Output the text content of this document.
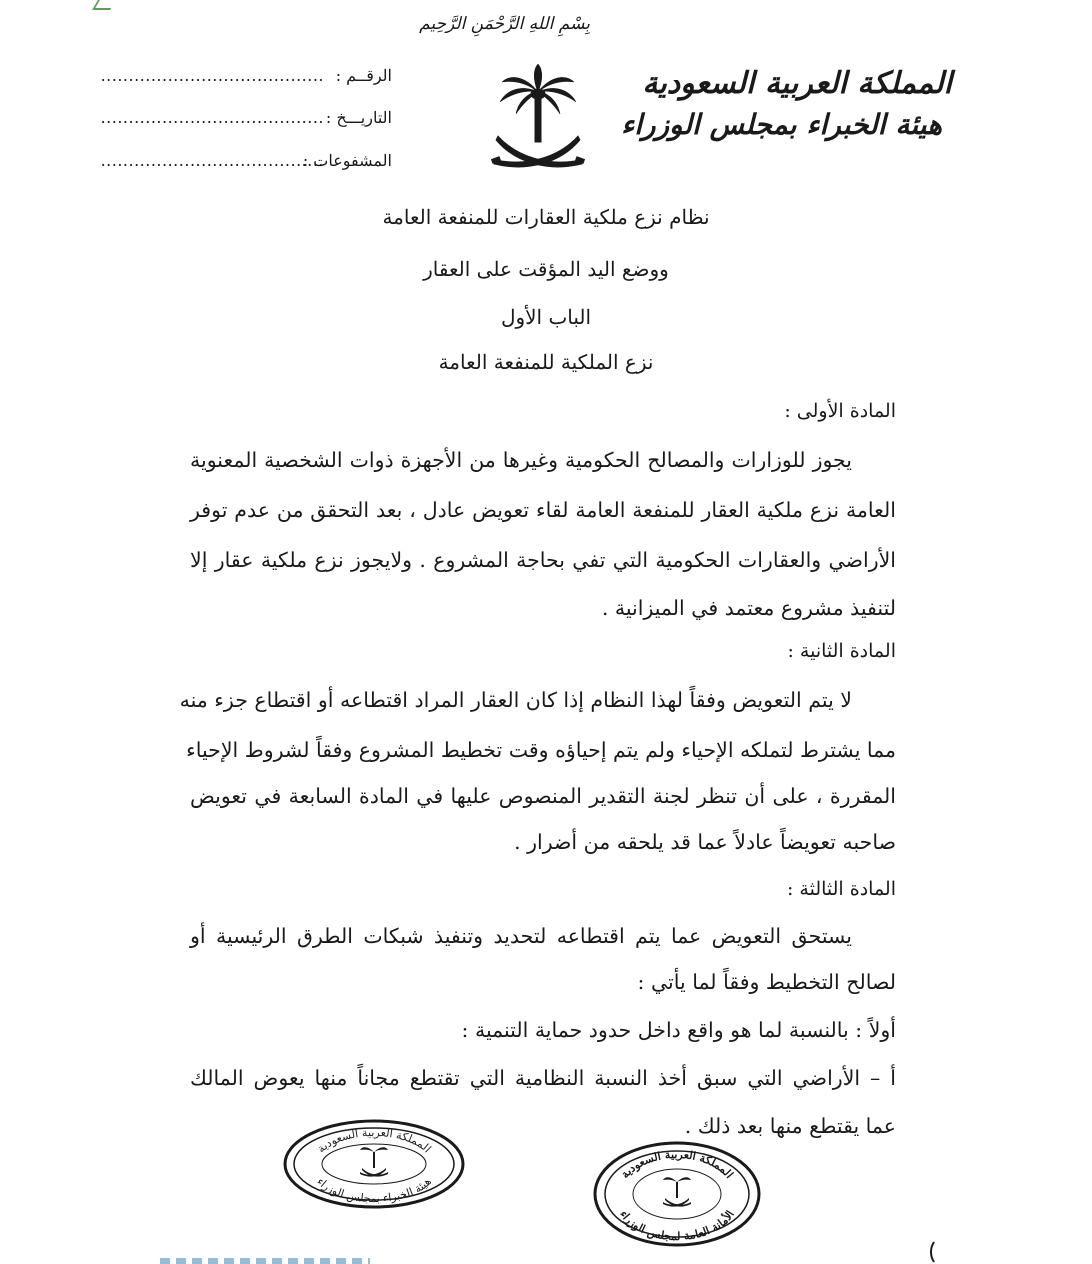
بِسْمِ اللهِ الرَّحْمَنِ الرَّحِيم
المملكة العربية السعودية
هيئة الخبراء بمجلس الوزراء
الرقــم :
........................................
التاريـــخ :
........................................
المشفوعات :
........................................
نظام نزع ملكية العقارات للمنفعة العامة
ووضع اليد المؤقت على العقار
الباب الأول
نزع الملكية للمنفعة العامة
المادة الأولى :
يجوز للوزارات والمصالح الحكومية وغيرها من الأجهزة ذوات الشخصية المعنوية
العامة نزع ملكية العقار للمنفعة العامة لقاء تعويض عادل ، بعد التحقق من عدم توفر
الأراضي والعقارات الحكومية التي تفي بحاجة المشروع . ولايجوز نزع ملكية عقار إلا
لتنفيذ مشروع معتمد في الميزانية .
المادة الثانية :
لا يتم التعويض وفقاً لهذا النظام إذا كان العقار المراد اقتطاعه أو اقتطاع جزء منه
مما يشترط لتملكه الإحياء ولم يتم إحياؤه وقت تخطيط المشروع وفقاً لشروط الإحياء
المقررة ، على أن تنظر لجنة التقدير المنصوص عليها في المادة السابعة في تعويض
صاحبه تعويضاً عادلاً عما قد يلحقه من أضرار .
المادة الثالثة :
يستحق التعويض عما يتم اقتطاعه لتحديد وتنفيذ شبكات الطرق الرئيسية أو
لصالح التخطيط وفقاً لما يأتي :
أولاً : بالنسبة لما هو واقع داخل حدود حماية التنمية :
أ – الأراضي التي سبق أخذ النسبة النظامية التي تقتطع مجاناً منها يعوض المالك
عما يقتطع منها بعد ذلك .
المملكة العربية السعودية
هيئة الخبراء بمجلس الوزراء
المملكة العربية السعودية
الأمانة العامة لمجلس الوزراء
